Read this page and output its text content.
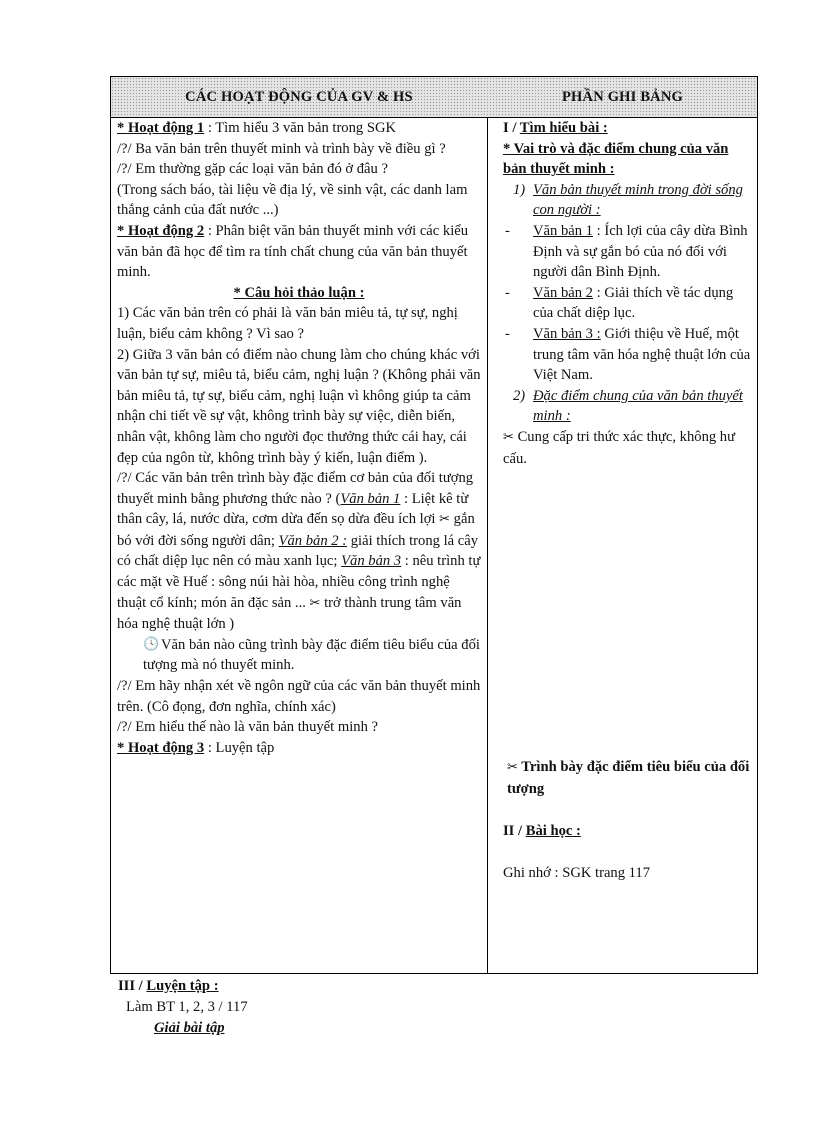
CÁC HOẠT ĐỘNG CỦA GV & HS	PHẦN GHI BẢNG

* Hoạt động 1 : Tìm hiểu 3 văn bản trong SGK

/?/ Ba văn bản trên thuyết minh và trình bày về điều gì ?

/?/ Em thường gặp các loại văn bản đó ở đâu ?

(Trong sách báo, tài liệu về địa lý, về sinh vật, các danh lam thắng cảnh của đất nước ...)

* Hoạt động 2 : Phân biệt văn bản thuyết minh với các kiểu văn bản đã học để tìm ra tính chất chung của văn bản thuyết minh.

* Câu hỏi thảo luận :

1) Các văn bản trên có phải là văn bản miêu tả, tự sự, nghị luận, biểu cảm không ? Vì sao ?

2) Giữa 3 văn bản có điểm nào chung làm cho chúng khác với văn bản tự sự, miêu tả, biểu cảm, nghị luận ? (Không phải văn bản miêu tả, tự sự, biểu cảm, nghị luận vì không giúp ta cảm nhận chi tiết về sự vật, không trình bày sự việc, diễn biến, nhân vật, không làm cho người đọc thưởng thức cái hay, cái đẹp của ngôn từ, không trình bày ý kiến, luận điểm ).

/?/ Các văn bản trên trình bày đặc điểm cơ bản của đối tượng thuyết minh bằng phương thức nào ? (Văn bản 1 : Liệt kê từ thân cây, lá, nước dừa, cơm dừa đến sọ dừa đều ích lợi ✂ gắn bó với đời sống người dân; Văn bản 2 : giải thích trong lá cây có chất diệp lục nên có màu xanh lục; Văn bản 3 : nêu trình tự các mặt về Huế : sông núi hài hòa, nhiều công trình nghệ thuật cổ kính; món ăn đặc sản ... ✂ trở thành trung tâm văn hóa nghệ thuật lớn )

🕓 Văn bản nào cũng trình bày đặc điểm tiêu biểu của đối tượng mà nó thuyết minh.

/?/ Em hãy nhận xét về ngôn ngữ của các văn bản thuyết minh trên. (Cô đọng, đơn nghĩa, chính xác)

/?/ Em hiểu thế nào là văn bản thuyết minh ?

* Hoạt động 3 : Luyện tập

I / Tìm hiểu bài :

* Vai trò và đặc điểm chung của văn bản thuyết minh :

1) Văn bản thuyết minh trong đời sống con người :

- Văn bản 1 : Ích lợi của cây dừa Bình Định và sự gắn bó của nó đối với người dân Bình Định.

- Văn bản 2 : Giải thích về tác dụng của chất diệp lục.

- Văn bản 3 : Giới thiệu về Huế, một trung tâm văn hóa nghệ thuật lớn của Việt Nam.

2) Đặc điểm chung của văn bản thuyết minh :

✂ Cung cấp tri thức xác thực, không hư cấu.

✂ Trình bày đặc điểm tiêu biểu của đối tượng

II / Bài học :

Ghi nhớ : SGK trang 117

III / Luyện tập :

Làm BT 1, 2, 3 / 117

Giải bài tập
